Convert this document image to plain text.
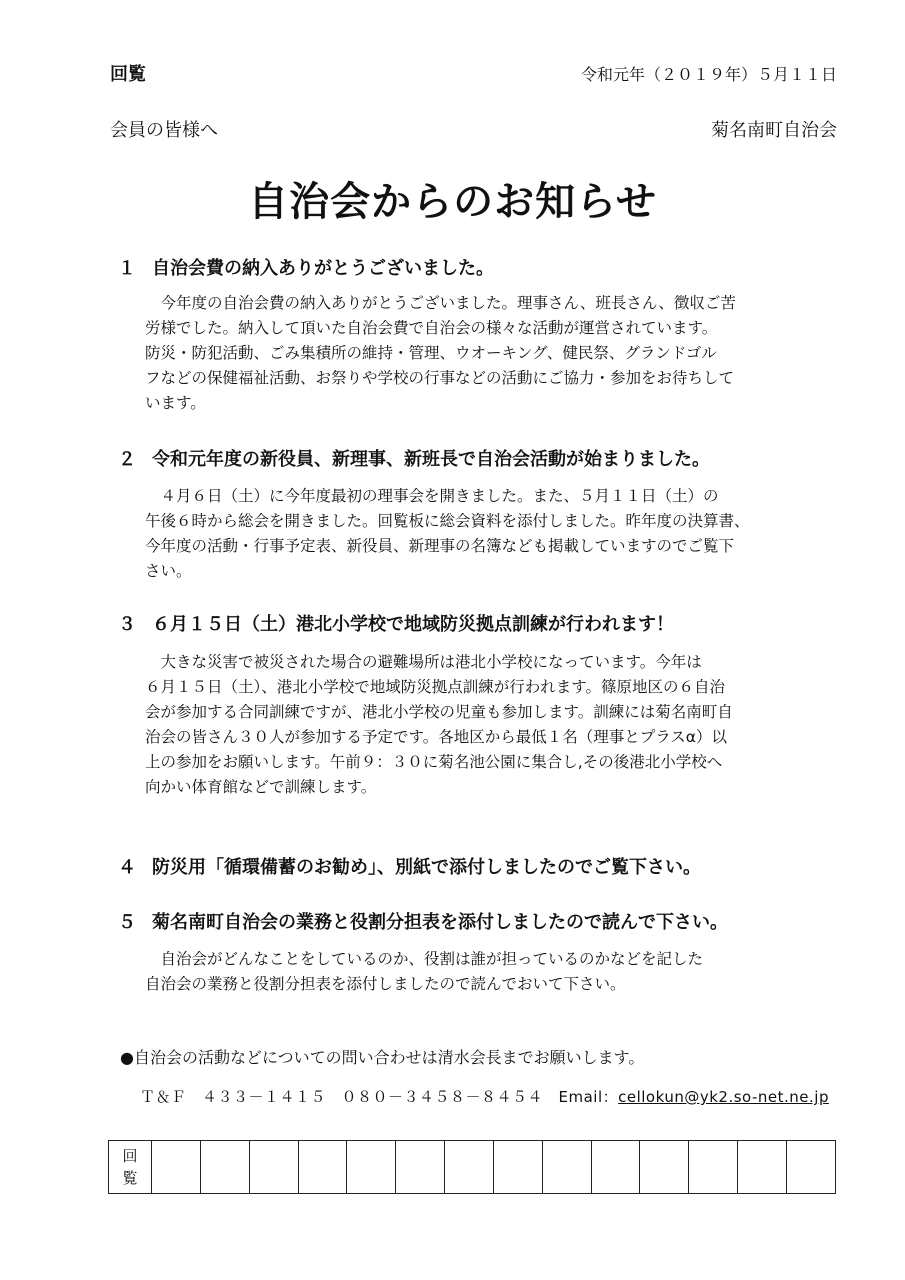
回覧	令和元年（２０１９年）５月１１日
会員の皆様へ	菊名南町自治会
自治会からのお知らせ
１ 自治会費の納入ありがとうございました。
　今年度の自治会費の納入ありがとうございました。理事さん、班長さん、徴収ご苦
労様でした。納入して頂いた自治会費で自治会の様々な活動が運営されています。
防災・防犯活動、ごみ集積所の維持・管理、ウオーキング、健民祭、グランドゴル
フなどの保健福祉活動、お祭りや学校の行事などの活動にご協力・参加をお待ちして
います。
２ 令和元年度の新役員、新理事、新班長で自治会活動が始まりました。
　４月６日（土）に今年度最初の理事会を開きました。また、５月１１日（土）の
午後６時から総会を開きました。回覧板に総会資料を添付しました。昨年度の決算書、
今年度の活動・行事予定表、新役員、新理事の名簿なども掲載していますのでご覧下
さい。
３ ６月１５日（土）港北小学校で地域防災拠点訓練が行われます！
　大きな災害で被災された場合の避難場所は港北小学校になっています。今年は
６月１５日（土）、港北小学校で地域防災拠点訓練が行われます。篠原地区の６自治
会が参加する合同訓練ですが、港北小学校の児童も参加します。訓練には菊名南町自
治会の皆さん３０人が参加する予定です。各地区から最低１名（理事とプラスα）以
上の参加をお願いします。午前９：３０に菊名池公園に集合し,その後港北小学校へ
向かい体育館などで訓練します。
４ 防災用「循環備蓄のお勧め」、別紙で添付しましたのでご覧下さい。
５ 菊名南町自治会の業務と役割分担表を添付しましたので読んで下さい。
　自治会がどんなことをしているのか、役割は誰が担っているのかなどを記した
自治会の業務と役割分担表を添付しましたので読んでおいて下さい。
●自治会の活動などについての問い合わせは清水会長までお願いします。
Ｔ＆Ｆ　４３３－１４１５　０８０－３４５８－８４５４　Email：cellokun@yk2.so-net.ne.jp
回
覧
